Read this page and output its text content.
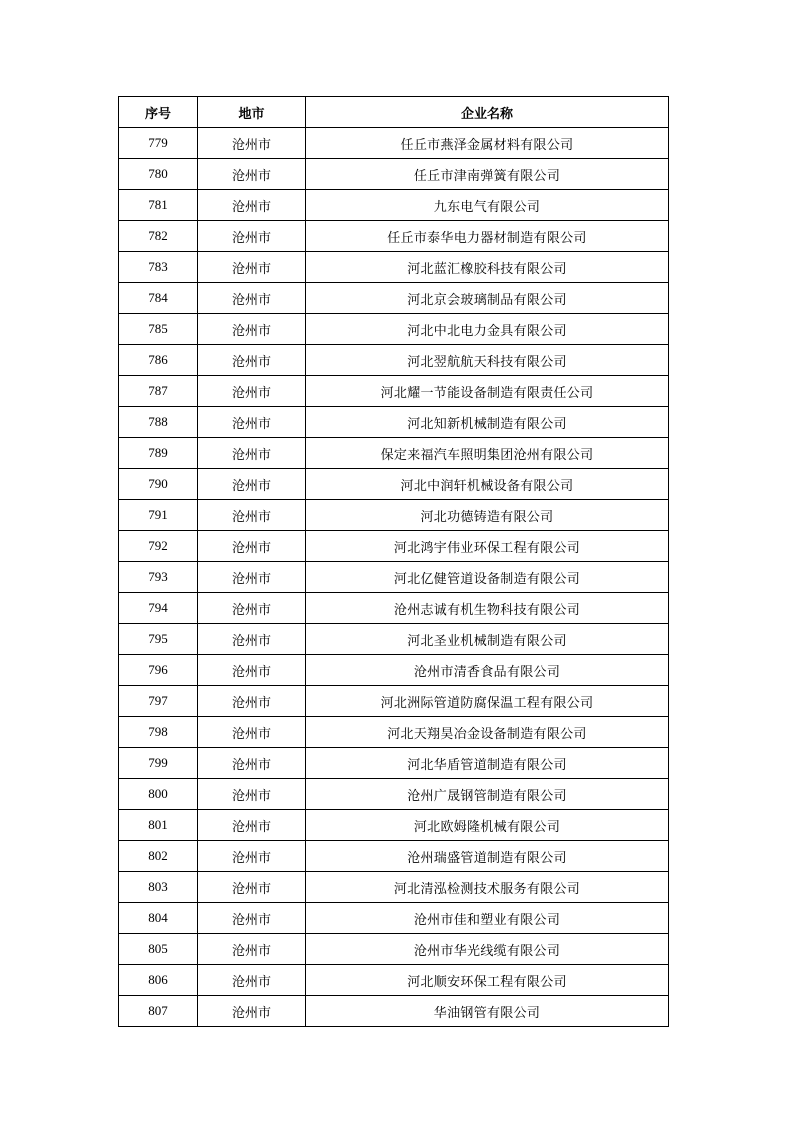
序号	地市	企业名称
779	沧州市	任丘市燕泽金属材料有限公司
780	沧州市	任丘市津南弹簧有限公司
781	沧州市	九东电气有限公司
782	沧州市	任丘市泰华电力器材制造有限公司
783	沧州市	河北蓝汇橡胶科技有限公司
784	沧州市	河北京会玻璃制品有限公司
785	沧州市	河北中北电力金具有限公司
786	沧州市	河北翌航航天科技有限公司
787	沧州市	河北耀一节能设备制造有限责任公司
788	沧州市	河北知新机械制造有限公司
789	沧州市	保定来福汽车照明集团沧州有限公司
790	沧州市	河北中润轩机械设备有限公司
791	沧州市	河北功德铸造有限公司
792	沧州市	河北鸿宇伟业环保工程有限公司
793	沧州市	河北亿健管道设备制造有限公司
794	沧州市	沧州志诚有机生物科技有限公司
795	沧州市	河北圣业机械制造有限公司
796	沧州市	沧州市清香食品有限公司
797	沧州市	河北洲际管道防腐保温工程有限公司
798	沧州市	河北天翔昊冶金设备制造有限公司
799	沧州市	河北华盾管道制造有限公司
800	沧州市	沧州广晟钢管制造有限公司
801	沧州市	河北欧姆隆机械有限公司
802	沧州市	沧州瑞盛管道制造有限公司
803	沧州市	河北清泓检测技术服务有限公司
804	沧州市	沧州市佳和塑业有限公司
805	沧州市	沧州市华光线缆有限公司
806	沧州市	河北顺安环保工程有限公司
807	沧州市	华油钢管有限公司
